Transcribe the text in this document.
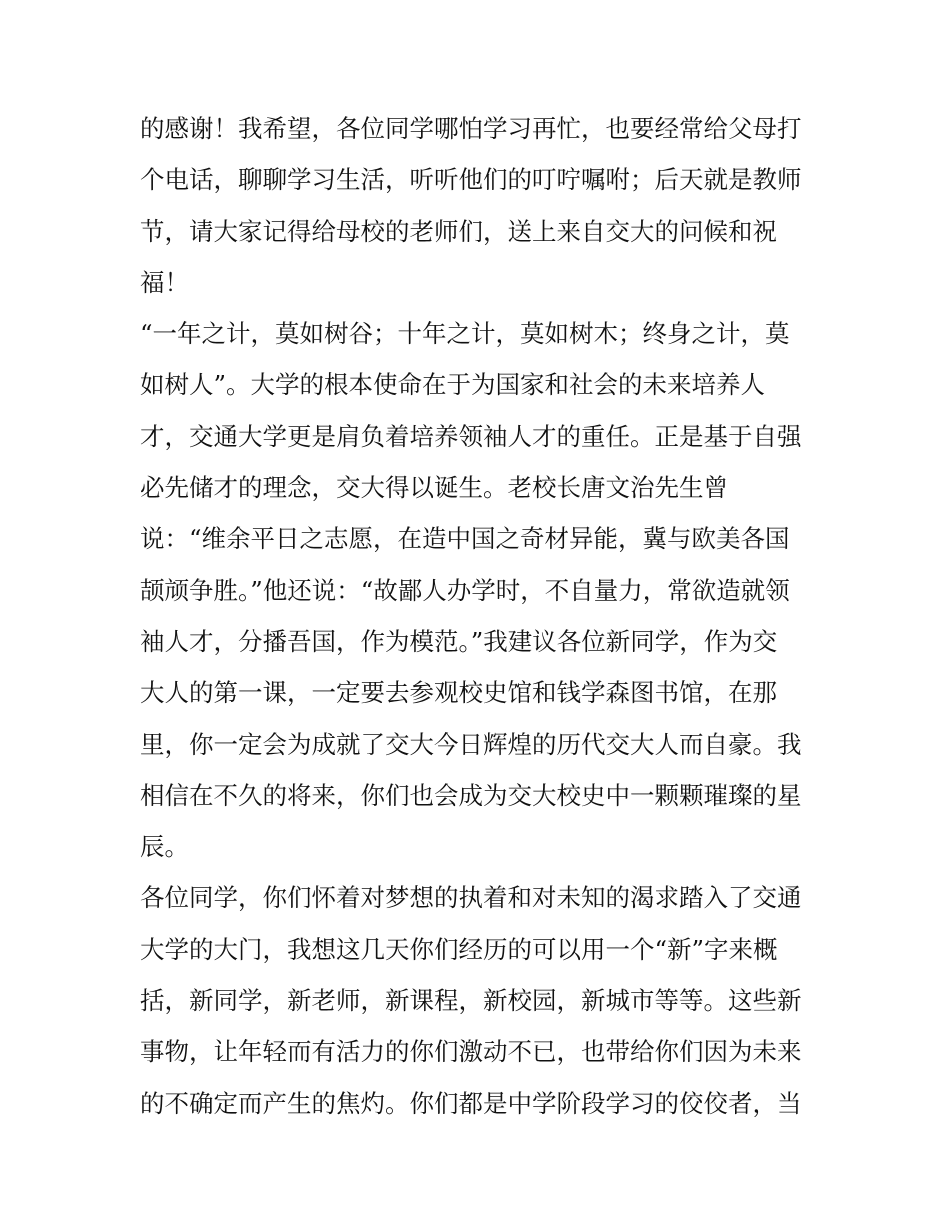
的感谢！我希望，各位同学哪怕学习再忙，也要经常给父母打
个电话，聊聊学习生活，听听他们的叮咛嘱咐；后天就是教师
节，请大家记得给母校的老师们，送上来自交大的问候和祝
福！
“一年之计，莫如树谷；十年之计，莫如树木；终身之计，莫
如树人”。大学的根本使命在于为国家和社会的未来培养人
才，交通大学更是肩负着培养领袖人才的重任。正是基于自强
必先储才的理念，交大得以诞生。老校长唐文治先生曾
说：“维余平日之志愿，在造中国之奇材异能，冀与欧美各国
颉颃争胜。”他还说：“故鄙人办学时，不自量力，常欲造就领
袖人才，分播吾国，作为模范。”我建议各位新同学，作为交
大人的第一课，一定要去参观校史馆和钱学森图书馆，在那
里，你一定会为成就了交大今日辉煌的历代交大人而自豪。我
相信在不久的将来，你们也会成为交大校史中一颗颗璀璨的星
辰。
各位同学，你们怀着对梦想的执着和对未知的渴求踏入了交通
大学的大门，我想这几天你们经历的可以用一个“新”字来概
括，新同学，新老师，新课程，新校园，新城市等等。这些新
事物，让年轻而有活力的你们激动不已，也带给你们因为未来
的不确定而产生的焦灼。你们都是中学阶段学习的佼佼者，当
